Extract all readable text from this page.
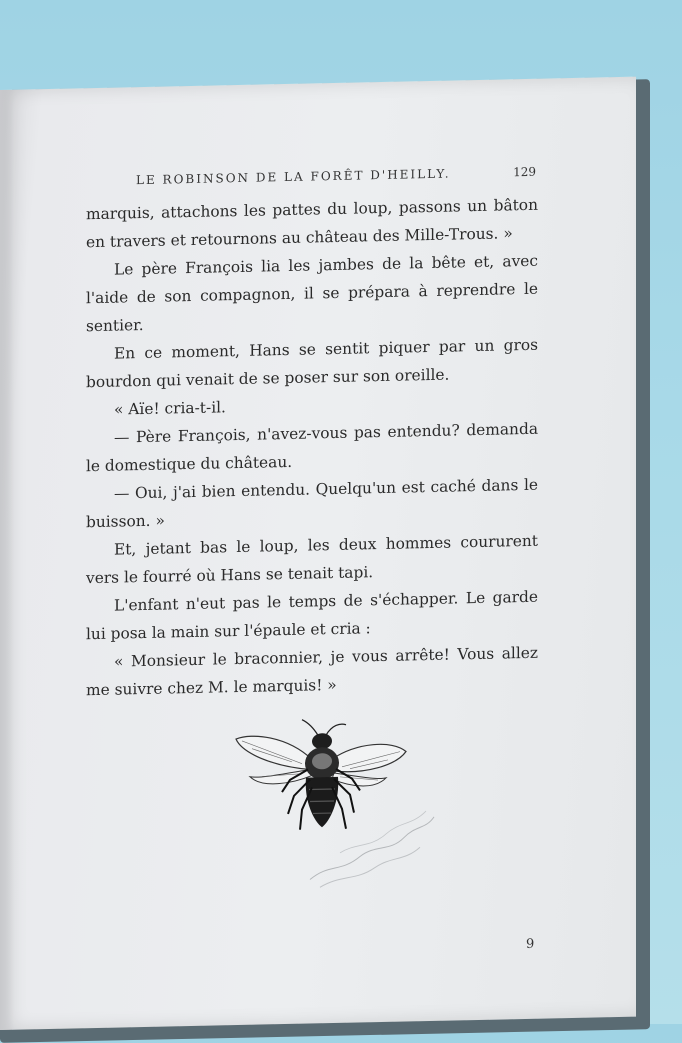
LE ROBINSON DE LA FORÊT D'HEILLY.	129

marquis, attachons les pattes du loup, passons un bâton en travers et retournons au château des Mille-Trous. »

Le père François lia les jambes de la bête et, avec l'aide de son compagnon, il se prépara à reprendre le sentier.

En ce moment, Hans se sentit piquer par un gros bourdon qui venait de se poser sur son oreille.

« Aïe! cria-t-il.

— Père François, n'avez-vous pas entendu? demanda le domestique du château.

— Oui, j'ai bien entendu. Quelqu'un est caché dans le buisson. »

Et, jetant bas le loup, les deux hommes coururent vers le fourré où Hans se tenait tapi.

L'enfant n'eut pas le temps de s'échapper. Le garde lui posa la main sur l'épaule et cria :

« Monsieur le braconnier, je vous arrête! Vous allez me suivre chez M. le marquis! »

9
